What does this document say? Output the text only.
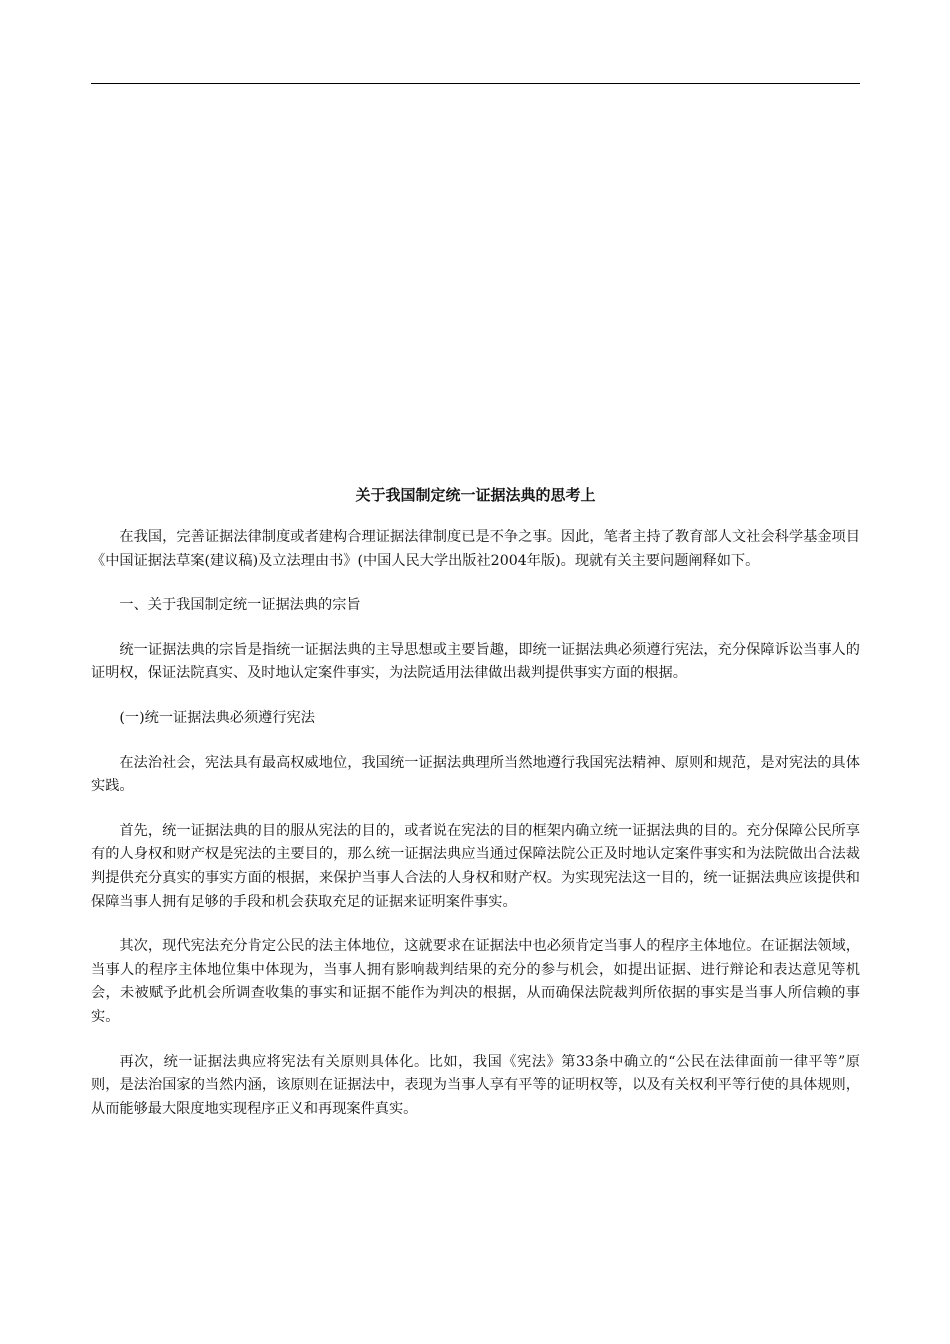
关于我国制定统一证据法典的思考上

在我国，完善证据法律制度或者建构合理证据法律制度已是不争之事。因此，笔者主持了教育部人文社会科学基金项目《中国证据法草案(建议稿)及立法理由书》(中国人民大学出版社2004年版)。现就有关主要问题阐释如下。

一、关于我国制定统一证据法典的宗旨

统一证据法典的宗旨是指统一证据法典的主导思想或主要旨趣，即统一证据法典必须遵行宪法，充分保障诉讼当事人的证明权，保证法院真实、及时地认定案件事实，为法院适用法律做出裁判提供事实方面的根据。

(一)统一证据法典必须遵行宪法

在法治社会，宪法具有最高权威地位，我国统一证据法典理所当然地遵行我国宪法精神、原则和规范，是对宪法的具体实践。

首先，统一证据法典的目的服从宪法的目的，或者说在宪法的目的框架内确立统一证据法典的目的。充分保障公民所享有的人身权和财产权是宪法的主要目的，那么统一证据法典应当通过保障法院公正及时地认定案件事实和为法院做出合法裁判提供充分真实的事实方面的根据，来保护当事人合法的人身权和财产权。为实现宪法这一目的，统一证据法典应该提供和保障当事人拥有足够的手段和机会获取充足的证据来证明案件事实。

其次，现代宪法充分肯定公民的法主体地位，这就要求在证据法中也必须肯定当事人的程序主体地位。在证据法领域，当事人的程序主体地位集中体现为，当事人拥有影响裁判结果的充分的参与机会，如提出证据、进行辩论和表达意见等机会，未被赋予此机会所调查收集的事实和证据不能作为判决的根据，从而确保法院裁判所依据的事实是当事人所信赖的事实。

再次，统一证据法典应将宪法有关原则具体化。比如，我国《宪法》第33条中确立的“公民在法律面前一律平等”原则，是法治国家的当然内涵，该原则在证据法中，表现为当事人享有平等的证明权等，以及有关权利平等行使的具体规则，从而能够最大限度地实现程序正义和再现案件真实。
